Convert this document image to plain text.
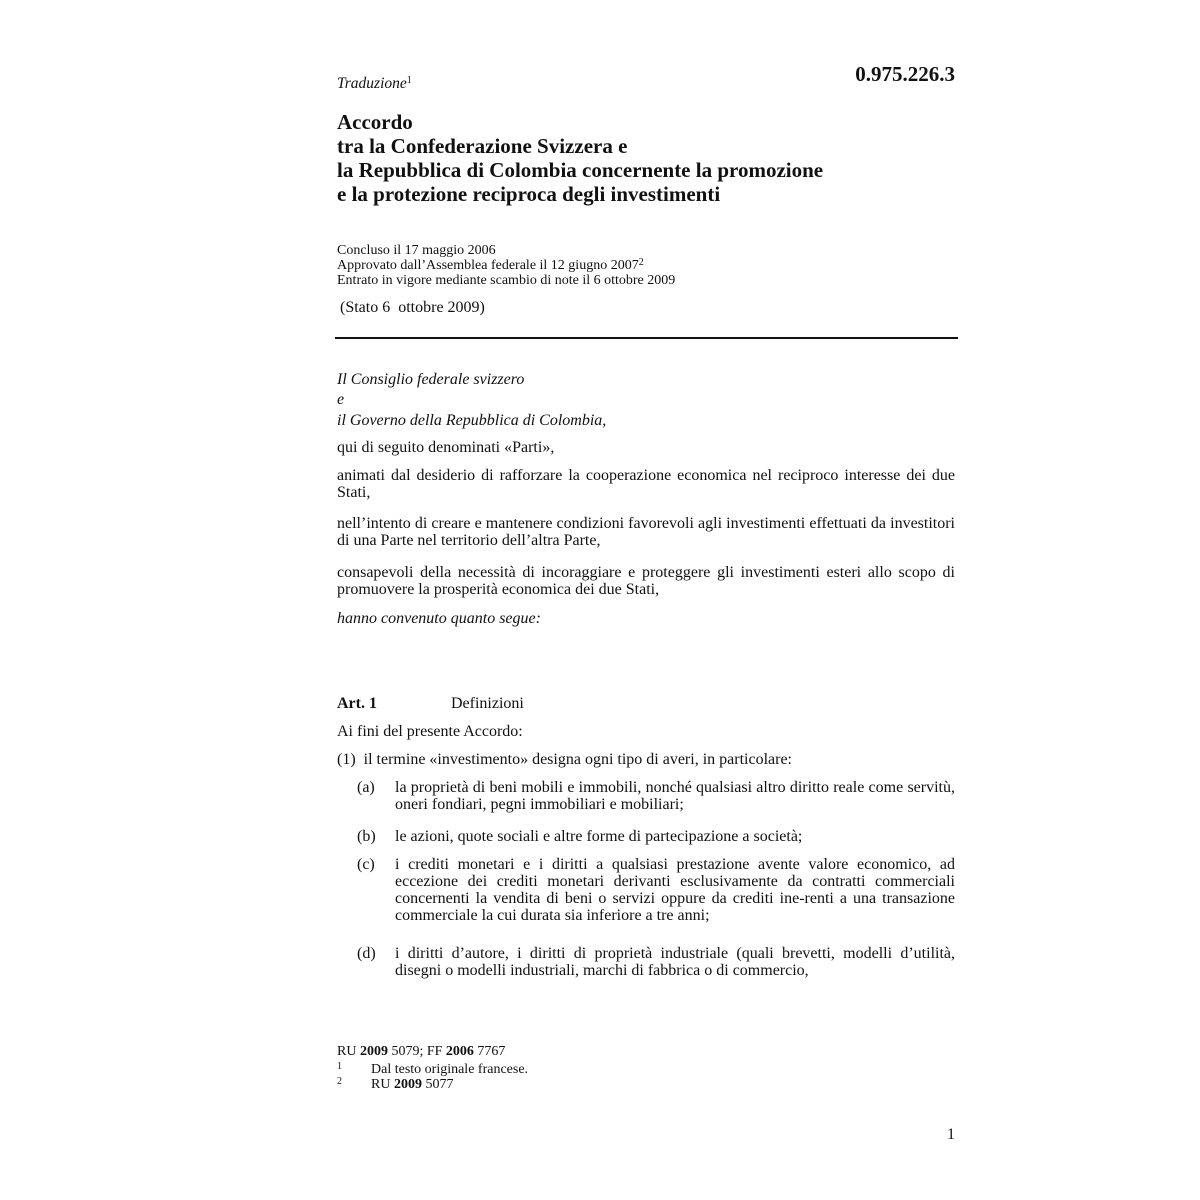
0.975.226.3
Traduzione$^1$
Accordo
tra la Confederazione Svizzera e
la Repubblica di Colombia concernente la promozione
e la protezione reciproca degli investimenti
Concluso il 17 maggio 2006
Approvato dall’Assemblea federale il 12 giugno 2007$^2$
Entrato in vigore mediante scambio di note il 6 ottobre 2009
(Stato 6  ottobre 2009)
Il Consiglio federale svizzero
e
il Governo della Repubblica di Colombia,
qui di seguito denominati «Parti»,
animati dal desiderio di rafforzare la cooperazione economica nel reciproco interesse dei due Stati,
nell’intento di creare e mantenere condizioni favorevoli agli investimenti effettuati da investitori di una Parte nel territorio dell’altra Parte,
consapevoli della necessità di incoraggiare e proteggere gli investimenti esteri allo scopo di promuovere la prosperità economica dei due Stati,
hanno convenuto quanto segue:
Art. 1	Definizioni
Ai fini del presente Accordo:
(1) il termine «investimento» designa ogni tipo di averi, in particolare:
(a)	la proprietà di beni mobili e immobili, nonché qualsiasi altro diritto reale come servitù, oneri fondiari, pegni immobiliari e mobiliari;
(b)	le azioni, quote sociali e altre forme di partecipazione a società;
(c)	i crediti monetari e i diritti a qualsiasi prestazione avente valore economico, ad eccezione dei crediti monetari derivanti esclusivamente da contratti commerciali concernenti la vendita di beni o servizi oppure da crediti ine-renti a una transazione commerciale la cui durata sia inferiore a tre anni;
(d)	i diritti d’autore, i diritti di proprietà industriale (quali brevetti, modelli d’utilità, disegni o modelli industriali, marchi di fabbrica o di commercio,
RU 2009 5079; FF 2006 7767
1 Dal testo originale francese.
2 RU 2009 5077
1
